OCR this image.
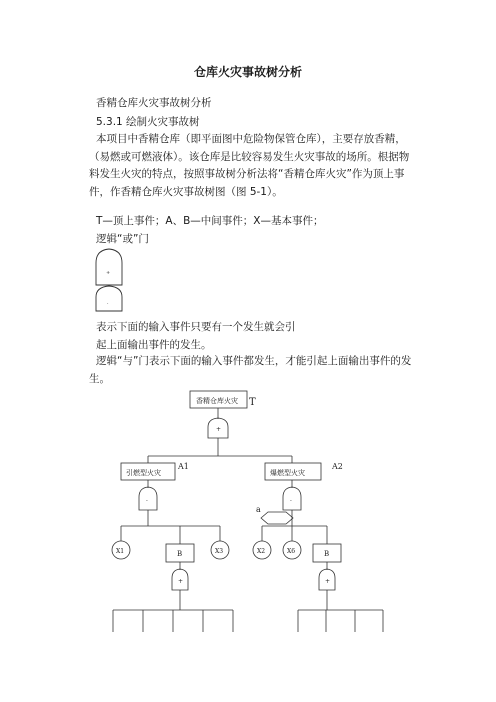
仓库火灾事故树分析
香精仓库火灾事故树分析
5.3.1 绘制火灾事故树
本项目中香精仓库（即平面图中危险物保管仓库），主要存放香精，（易燃或可燃液体）。该仓库是比较容易发生火灾事故的场所。根据物料发生火灾的特点，按照事故树分析法将“香精仓库火灾”作为顶上事件，作香精仓库火灾事故树图（图 5-1）。
T—顶上事件；A、B—中间事件；X—基本事件；
逻辑“或”门
+
·
表示下面的输入事件只要有一个发生就会引
起上面输出事件的发生。
逻辑“与”门表示下面的输入事件都发生，才能引起上面输出事件的发生。
香精仓库火灾 T
+
引燃型火灾
A1
·
爆燃型火灾
A2
·
a
X1	B	X3
+
X2	X6	B
+
